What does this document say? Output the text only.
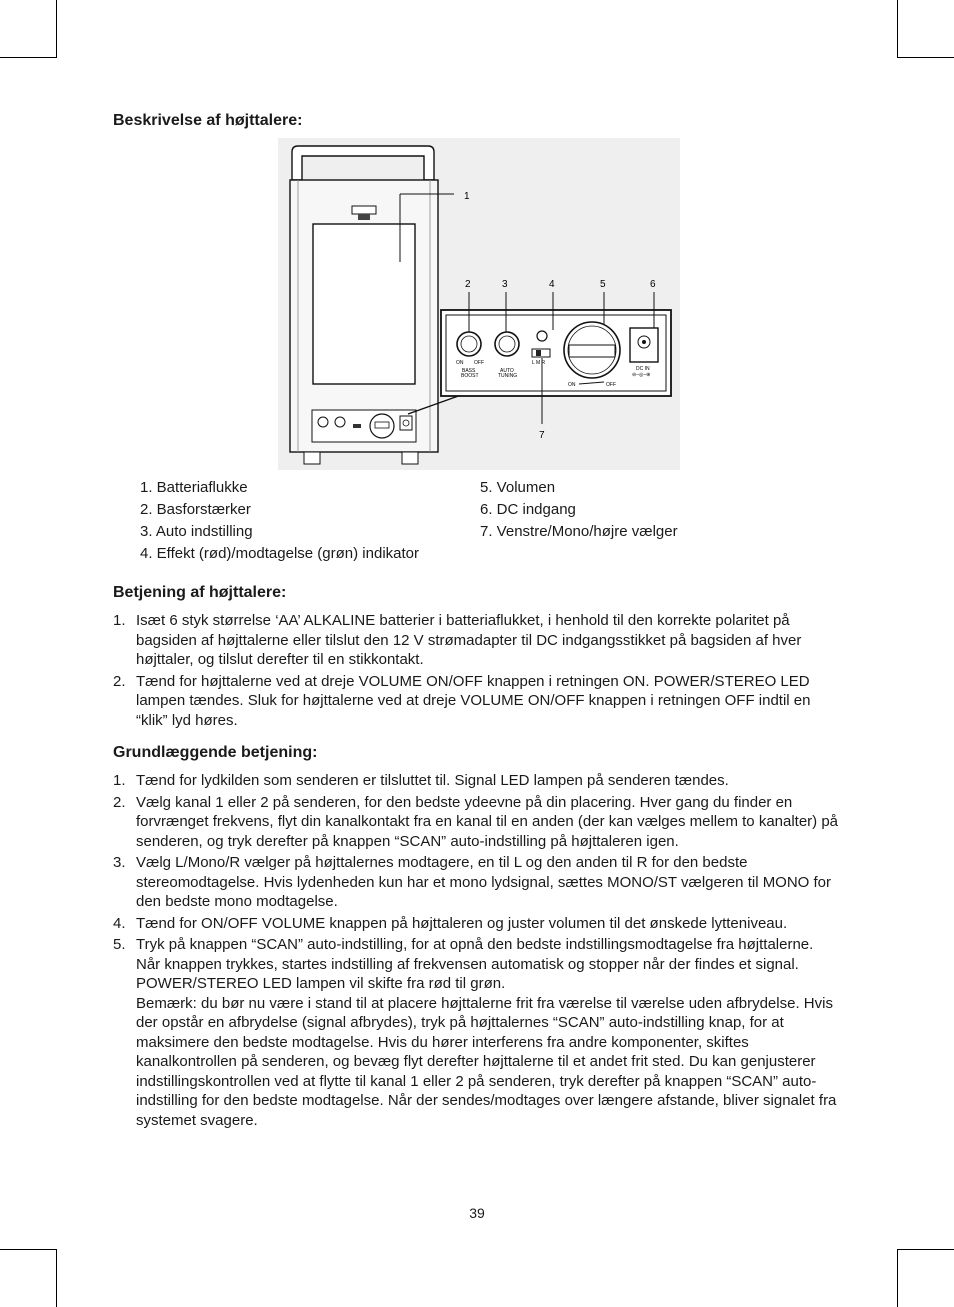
Beskrivelse af højttalere:
1
2	3	4	5	6
ON OFF
BASS
BOOST
AUTO
TUNING
L M R
7
ON	OFF
DC IN
⊖–◎–⊕
1. Batteriaflukke
2. Basforstærker
3. Auto indstilling
4. Effekt (rød)/modtagelse (grøn) indikator
5. Volumen
6. DC indgang
7. Venstre/Mono/højre vælger
Betjening af højttalere:
1. Isæt 6 styk størrelse ‘AA’ ALKALINE batterier i batteriaflukket, i henhold til den korrekte polaritet på bagsiden af højttalerne eller tilslut den 12 V strømadapter til DC indgangsstikket på bagsiden af hver højttaler, og tilslut derefter til en stikkontakt.
2. Tænd for højttalerne ved at dreje VOLUME ON/OFF knappen i retningen ON. POWER/STEREO LED lampen tændes. Sluk for højttalerne ved at dreje VOLUME ON/OFF knappen i retningen OFF indtil en “klik” lyd høres.
Grundlæggende betjening:
1. Tænd for lydkilden som senderen er tilsluttet til. Signal LED lampen på senderen tændes.
2. Vælg kanal 1 eller 2 på senderen, for den bedste ydeevne på din placering. Hver gang du finder en forvrænget frekvens, flyt din kanalkontakt fra en kanal til en anden (der kan vælges mellem to kanalter) på senderen, og tryk derefter på knappen “SCAN” auto-indstilling på højttaleren igen.
3. Vælg L/Mono/R vælger på højttalernes modtagere, en til L og den anden til R for den bedste stereomodtagelse. Hvis lydenheden kun har et mono lydsignal, sættes MONO/ST vælgeren til MONO for den bedste mono modtagelse.
4. Tænd for ON/OFF VOLUME knappen på højttaleren og juster volumen til det ønskede lytteniveau.
5. Tryk på knappen “SCAN” auto-indstilling, for at opnå den bedste indstillingsmodtagelse fra højttalerne. Når knappen trykkes, startes indstilling af frekvensen automatisk og stopper når der findes et signal. POWER/STEREO LED lampen vil skifte fra rød til grøn.
Bemærk: du bør nu være i stand til at placere højttalerne frit fra værelse til værelse uden afbrydelse. Hvis der opstår en afbrydelse (signal afbrydes), tryk på højttalernes “SCAN” auto-indstilling knap, for at maksimere den bedste modtagelse. Hvis du hører interferens fra andre komponenter, skiftes kanalkontrollen på senderen, og bevæg flyt derefter højttalerne til et andet frit sted. Du kan genjusterer indstillingskontrollen ved at flytte til kanal 1 eller 2 på senderen, tryk derefter på knappen “SCAN” auto-indstilling for den bedste modtagelse. Når der sendes/modtages over længere afstande, bliver signalet fra systemet svagere.
39
